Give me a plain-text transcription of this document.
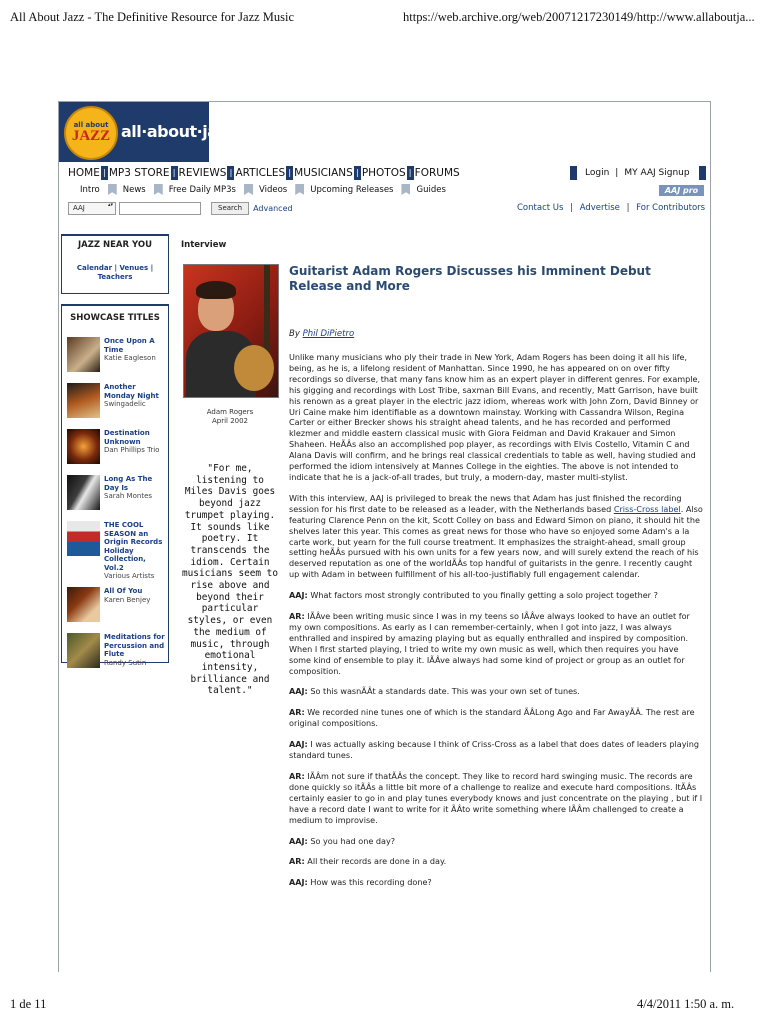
All About Jazz - The Definitive Resource for Jazz Music	https://web.archive.org/web/20071217230149/http://www.allaboutja...
all about
JAZZ all·about·jazz
HOME | MP3 STORE | REVIEWS | ARTICLES | MUSICIANS | PHOTOS | FORUMS
Intro	News	Free Daily MP3s	Videos	Upcoming Releases	Guides
Login | MY AAJ Signup
AAJ pro
AAJ ▴▾	Search	Advanced	Contact Us | Advertise | For Contributors
JAZZ NEAR YOU
Calendar | Venues | Teachers
SHOWCASE TITLES
Once Upon A Time
Katie Eagleson
Another Monday Night
Swingadelic
Destination Unknown
Dan Phillips Trio
Long As The Day Is
Sarah Montes
THE COOL SEASON an Origin Records Holiday Collection, Vol.2
Various Artists
All Of You
Karen Benjey
Meditations for Percussion and Flute
Randy Sutin
Interview
Adam Rogers
April 2002
"For me, listening to Miles Davis goes beyond jazz trumpet playing. It sounds like poetry. It transcends the idiom. Certain musicians seem to rise above and beyond their particular styles, or even the medium of music, through emotional intensity, brilliance and talent."
Guitarist Adam Rogers Discusses his Imminent Debut Release and More
By Phil DiPietro

Unlike many musicians who ply their trade in New York, Adam Rogers has been doing it all his life, being, as he is, a lifelong resident of Manhattan. Since 1990, he has appeared on on over fifty recordings so diverse, that many fans know him as an expert player in different genres. For example, his gigging and recordings with Lost Tribe, saxman Bill Evans, and recently, Matt Garrison, have built his renown as a great player in the electric jazz idiom, whereas work with John Zorn, David Binney or Uri Caine make him identifiable as a downtown mainstay. Working with Cassandra Wilson, Regina Carter or either Brecker shows his straight ahead talents, and he has recorded and performed klezmer and middle eastern classical music with Giora Feidman and David Krakauer and Simon Shaheen. HeÃÂs also an accomplished pop player, as recordings with Elvis Costello, Vitamin C and Alana Davis will confirm, and he brings real classical credentials to table as well, having studied and performed the idiom intensively at Mannes College in the eighties. The above is not intended to indicate that he is a jack-of-all trades, but truly, a modern-day, master multi-stylist.

With this interview, AAJ is privileged to break the news that Adam has just finished the recording session for his first date to be released as a leader, with the Netherlands based Criss-Cross label. Also featuring Clarence Penn on the kit, Scott Colley on bass and Edward Simon on piano, it should hit the shelves later this year. This comes as great news for those who have so enjoyed some Adam's a la carte work, but yearn for the full course treatment. It emphasizes the straight-ahead, small group setting heÃÂs pursued with his own units for a few years now, and will surely extend the reach of his deserved reputation as one of the worldÃÂs top handful of guitarists in the genre. I recently caught up with Adam in between fulfillment of his all-too-justifiably full engagement calendar.

AAJ: What factors most strongly contributed to you finally getting a solo project together ?

AR: IÃÂve been writing music since I was in my teens so IÃÂve always looked to have an outlet for my own compositions. As early as I can remember-certainly, when I got into jazz, I was always enthralled and inspired by amazing playing but as equally enthralled and inspired by composition. When I first started playing, I tried to write my own music as well, which then requires you have some kind of ensemble to play it. IÃÂve always had some kind of project or group as an outlet for composition.

AAJ: So this wasnÃÂt a standards date. This was your own set of tunes.

AR: We recorded nine tunes one of which is the standard ÃÂLong Ago and Far AwayÃÂ. The rest are original compositions.

AAJ: I was actually asking because I think of Criss-Cross as a label that does dates of leaders playing standard tunes.

AR: IÃÂm not sure if thatÃÂs the concept. They like to record hard swinging music. The records are done quickly so itÃÂs a little bit more of a challenge to realize and execute hard compositions. ItÃÂs certainly easier to go in and play tunes everybody knows and just concentrate on the playing , but if I have a record date I want to write for it ÃÂto write something where IÃÂm challenged to create a medium to improvise.

AAJ: So you had one day?

AR: All their records are done in a day.

AAJ: How was this recording done?

1 de 11	4/4/2011 1:50 a. m.
